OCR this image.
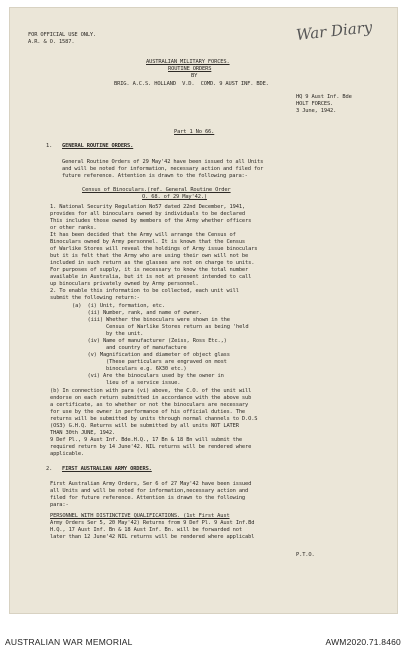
War Diary
FOR OFFICIAL USE ONLY.
A.R. & O. 1587.
AUSTRALIAN MILITARY FORCES.
ROUTINE ORDERS
BY
BRIG. A.C.S. HOLLAND  V.D.  COMD. 9 AUST INF. BDE.
HQ 9 Aust Inf. Bde
HOLT FORCES.
3 June, 1942.
Part 1 No 66.
1. GENERAL ROUTINE ORDERS.
General Routine Orders of 29 May'42 have been issued to all Units
and will be noted for information, necessary action and filed for
future reference. Attention is drawn to the following para:-
Census of Binoculars.(ref. General Routine Order
O. 68. of 29 May'42.)
1. National Security Regulation No57 dated 22nd December, 1941,
provides for all binoculars owned by individuals to be declared
This includes those owned by members of the Army whether officers
or other ranks.
It has been decided that the Army will arrange the Census of
Binoculars owned by Army personnel. It is known that the Census
of Warlike Stores will reveal the holdings of Army issue binoculars
but it is felt that the Army who are using their own will not be
included in such return as the glasses are not on charge to units.
For purposes of supply, it is necessary to know the total number
available in Australia, but it is not at present intended to call
up binoculars privately owned by Army personnel.
2. To enable this information to be collected, each unit will
submit the following return:-
(a)  (i) Unit, formation, etc.
(ii) Number, rank, and name of owner.
(iii) Whether the binoculars were shown in the
Census of Warlike Stores return as being 'held
by the unit.
(iv) Name of manufacturer (Zeiss, Ross Etc.,)
and country of manufacture
(v) Magnification and diameter of object glass
(These particulars are engraved on most
binoculars e.g. 6X30 etc.)
(vi) Are the binoculars used by the owner in
lieu of a service issue.
(b) In connection with para (vi) above, the C.O. of the unit will
endorse on each return submitted in accordance with the above sub
a certificate, as to whether or not the binoculars are necessary
for use by the owner in performance of his official duties. The
returns will be submitted by units through normal channels to D.O.S
(OS3) G.H.Q. Returns will be submitted by all units NOT LATER
THAN 30th JUNE, 1942.
9 Def Pl., 9 Aust Inf. Bde.H.Q., 17 Bn & 18 Bn will submit the
required return by 14 June'42. NIL returns will be rendered where
applicable.
2. FIRST AUSTRALIAN ARMY ORDERS.
First Australian Army Orders, Ser 6 of 27 May'42 have been issued
all Units and will be noted for information,necessary action and
filed for future reference. Attention is drawn to the following
para:-
PERSONNEL WITH DISTINCTIVE QUALIFICATIONS. (1st First Aust
Army Orders Ser 5, 20 May'42) Returns from 9 Def Pl. 9 Aust Inf.Bd
H.Q., 17 Aust Inf. Bn & 18 Aust Inf. Bn. will be forwarded not
later than 12 June'42 NIL returns will be rendered where applicabl
P.T.O.
AUSTRALIAN WAR MEMORIAL	AWM2020.71.8460
